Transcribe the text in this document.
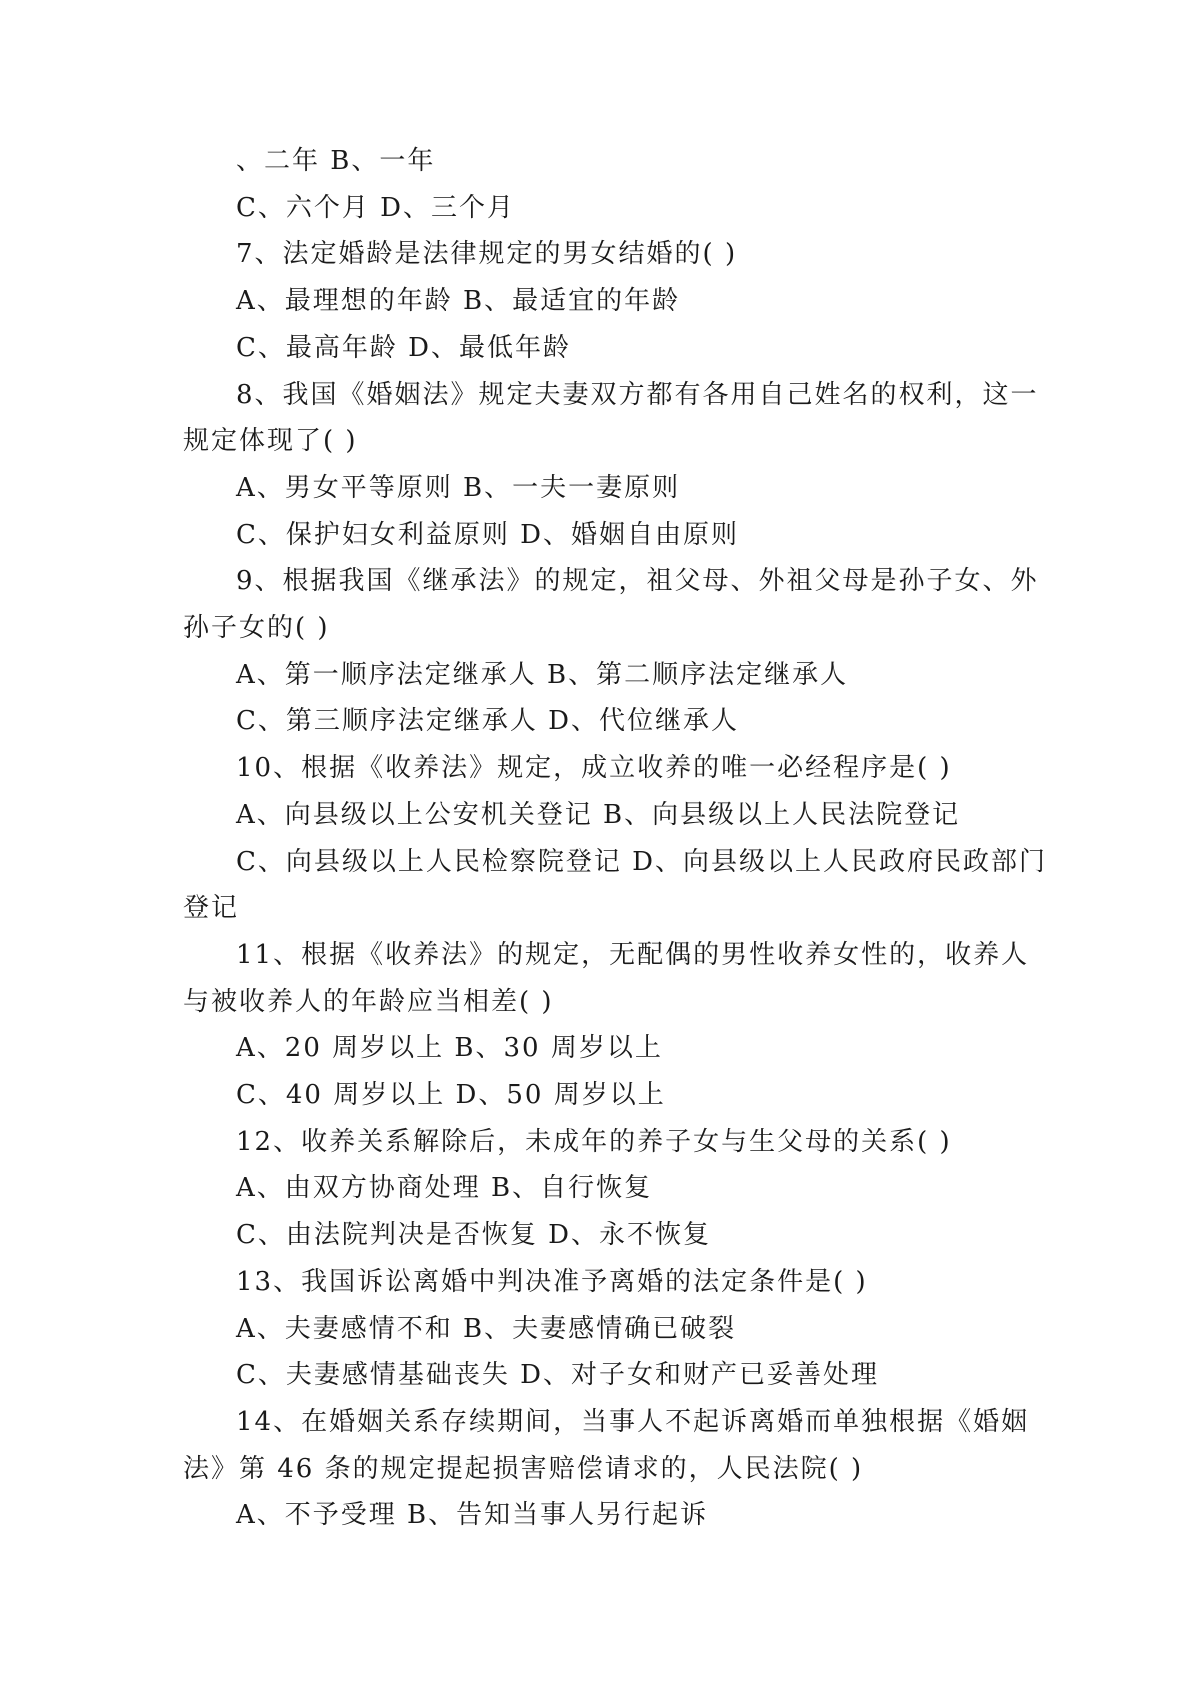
、二年 B、一年

C、六个月 D、三个月

7、法定婚龄是法律规定的男女结婚的( )

A、最理想的年龄 B、最适宜的年龄

C、最高年龄 D、最低年龄

8、我国《婚姻法》规定夫妻双方都有各用自己姓名的权利，这一

规定体现了( )

A、男女平等原则 B、一夫一妻原则

C、保护妇女利益原则 D、婚姻自由原则

9、根据我国《继承法》的规定，祖父母、外祖父母是孙子女、外

孙子女的( )

A、第一顺序法定继承人 B、第二顺序法定继承人

C、第三顺序法定继承人 D、代位继承人

10、根据《收养法》规定，成立收养的唯一必经程序是( )

A、向县级以上公安机关登记 B、向县级以上人民法院登记

C、向县级以上人民检察院登记 D、向县级以上人民政府民政部门

登记

11、根据《收养法》的规定，无配偶的男性收养女性的，收养人

与被收养人的年龄应当相差( )

A、20 周岁以上 B、30 周岁以上

C、40 周岁以上 D、50 周岁以上

12、收养关系解除后，未成年的养子女与生父母的关系( )

A、由双方协商处理 B、自行恢复

C、由法院判决是否恢复 D、永不恢复

13、我国诉讼离婚中判决准予离婚的法定条件是( )

A、夫妻感情不和 B、夫妻感情确已破裂

C、夫妻感情基础丧失 D、对子女和财产已妥善处理

14、在婚姻关系存续期间，当事人不起诉离婚而单独根据《婚姻

法》第 46 条的规定提起损害赔偿请求的，人民法院( )

A、不予受理 B、告知当事人另行起诉
